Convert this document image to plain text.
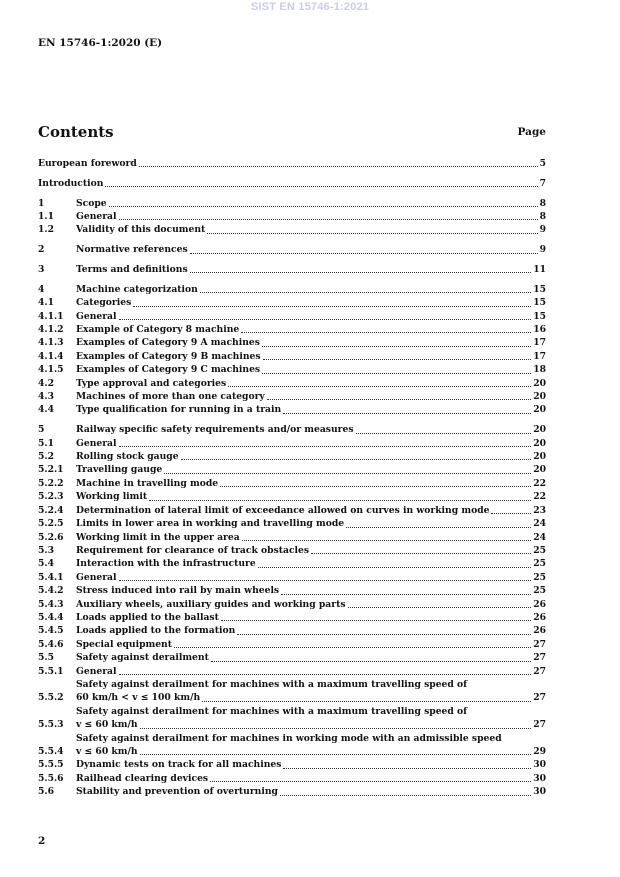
SIST EN 15746-1:2021
EN 15746-1:2020 (E)
Contents	Page
European foreword	5
Introduction	7
1	Scope	8
1.1	General	8
1.2	Validity of this document	9
2	Normative references	9
3	Terms and definitions	11
4	Machine categorization	15
4.1	Categories	15
4.1.1	General	15
4.1.2	Example of Category 8 machine	16
4.1.3	Examples of Category 9 A machines	17
4.1.4	Examples of Category 9 B machines	17
4.1.5	Examples of Category 9 C machines	18
4.2	Type approval and categories	20
4.3	Machines of more than one category	20
4.4	Type qualification for running in a train	20
5	Railway specific safety requirements and/or measures	20
5.1	General	20
5.2	Rolling stock gauge	20
5.2.1	Travelling gauge	20
5.2.2	Machine in travelling mode	22
5.2.3	Working limit	22
5.2.4	Determination of lateral limit of exceedance allowed on curves in working mode	23
5.2.5	Limits in lower area in working and travelling mode	24
5.2.6	Working limit in the upper area	24
5.3	Requirement for clearance of track obstacles	25
5.4	Interaction with the infrastructure	25
5.4.1	General	25
5.4.2	Stress induced into rail by main wheels	25
5.4.3	Auxiliary wheels, auxiliary guides and working parts	26
5.4.4	Loads applied to the ballast	26
5.4.5	Loads applied to the formation	26
5.4.6	Special equipment	27
5.5	Safety against derailment	27
5.5.1	General	27
5.5.2
Safety against derailment for machines with a maximum travelling speed of
60 km/h < v ≤ 100 km/h	27
5.5.3
Safety against derailment for machines with a maximum travelling speed of
v ≤ 60 km/h	27
5.5.4
Safety against derailment for machines in working mode with an admissible speed
v ≤ 60 km/h	29
5.5.5	Dynamic tests on track for all machines	30
5.5.6	Railhead clearing devices	30
5.6	Stability and prevention of overturning	30
2
